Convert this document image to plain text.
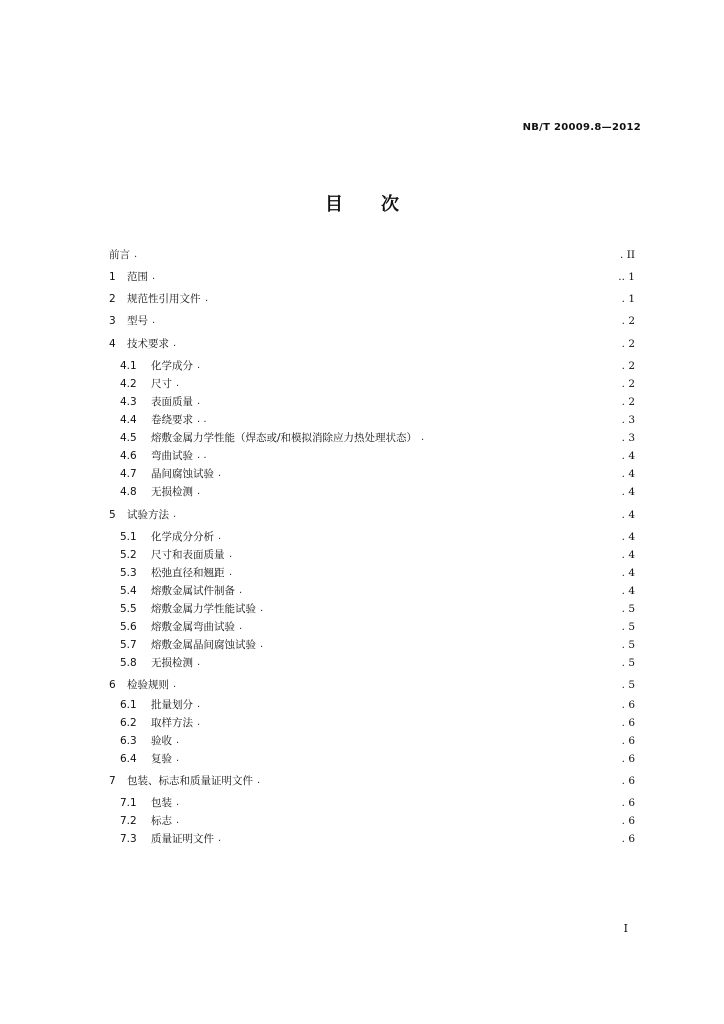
NB/T 20009.8—2012
目 次
前言 .	. II
1 范围 .	.. 1
2 规范性引用文件 .	. 1
3 型号 .	. 2
4 技术要求 .	. 2
4.1 化学成分 .	. 2
4.2 尺寸 .	. 2
4.3 表面质量 .	. 2
4.4 卷绕要求 . .	. 3
4.5 熔敷金属力学性能（焊态或/和模拟消除应力热处理状态） .	. 3
4.6 弯曲试验 . .	. 4
4.7 晶间腐蚀试验 .	. 4
4.8 无损检测 .	. 4
5 试验方法 .	. 4
5.1 化学成分分析 .	. 4
5.2 尺寸和表面质量 .	. 4
5.3 松弛直径和翘距 .	. 4
5.4 熔敷金属试件制备 .	. 4
5.5 熔敷金属力学性能试验 .	. 5
5.6 熔敷金属弯曲试验 .	. 5
5.7 熔敷金属晶间腐蚀试验 .	. 5
5.8 无损检测 .	. 5
6 检验规则 .	. 5
6.1 批量划分 .	. 6
6.2 取样方法 .	. 6
6.3 验收 .	. 6
6.4 复验 .	. 6
7 包装、标志和质量证明文件 .	. 6
7.1 包装 .	. 6
7.2 标志 .	. 6
7.3 质量证明文件 .	. 6
I
